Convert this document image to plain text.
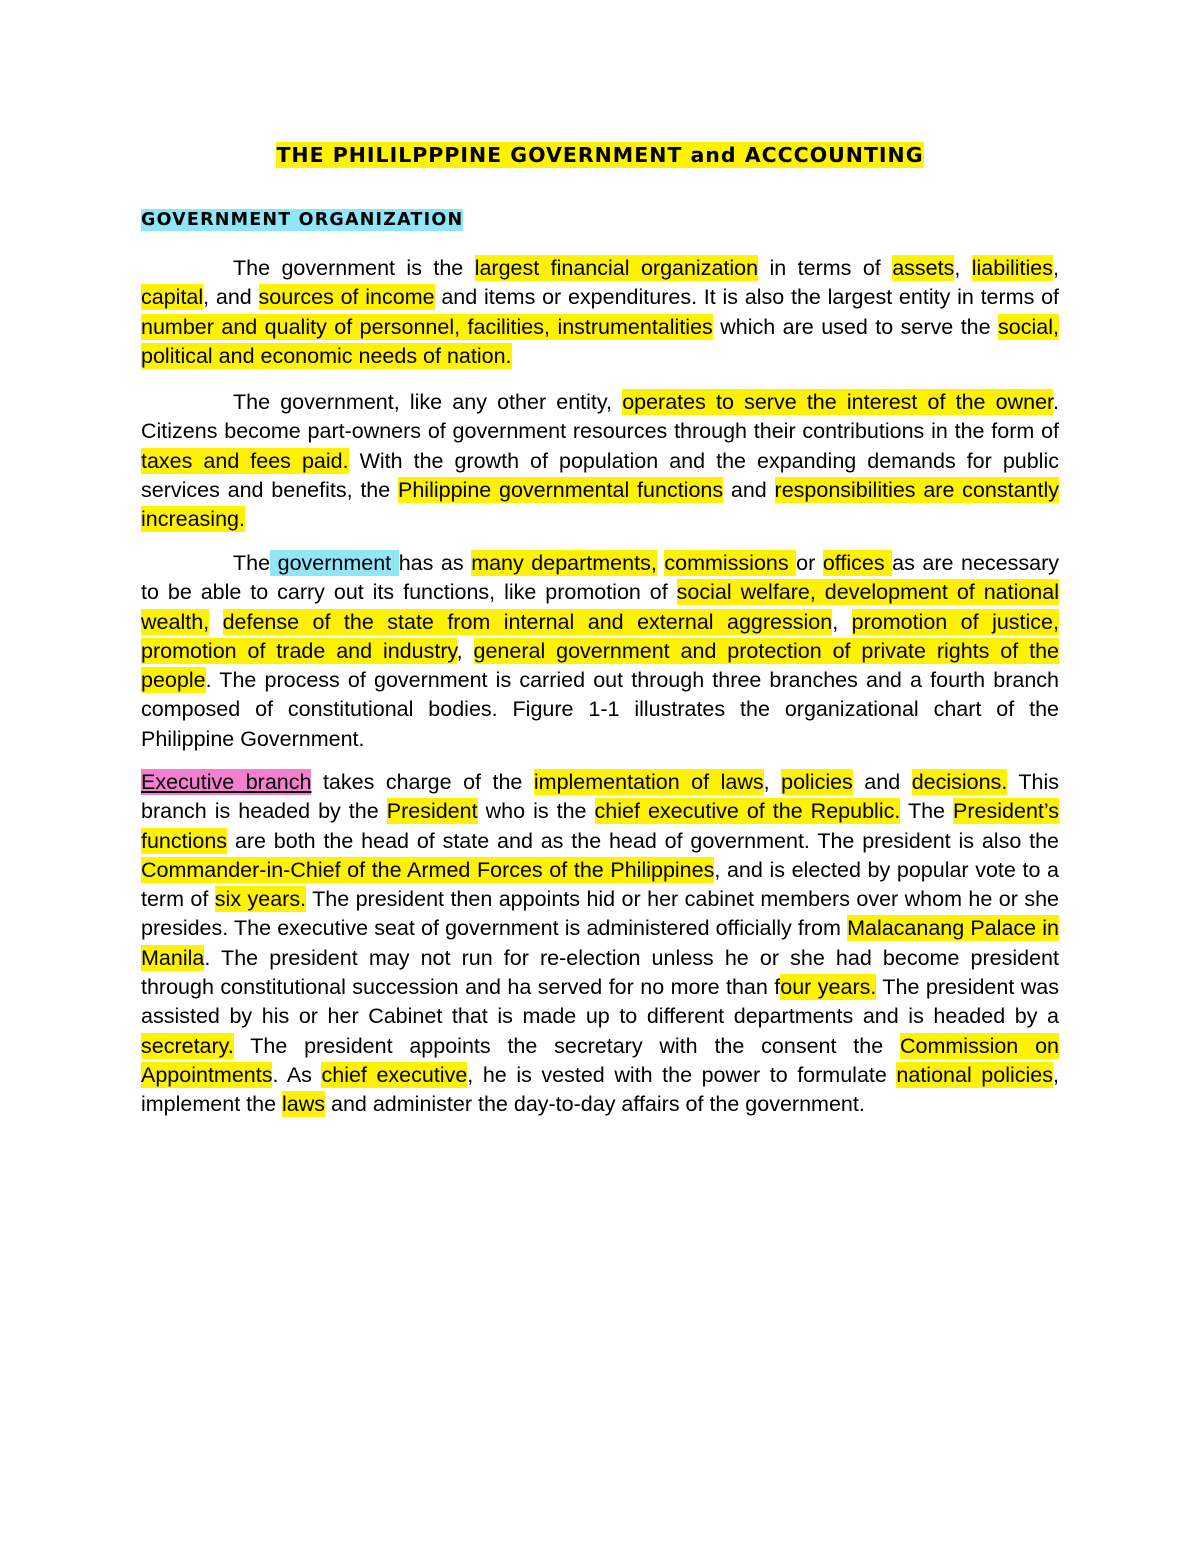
THE PHILILPPPINE GOVERNMENT and ACCCOUNTING
GOVERNMENT ORGANIZATION

The government is the largest financial organization in terms of assets, liabilities, capital, and sources of income and items or expenditures. It is also the largest entity in terms of number and quality of personnel, facilities, instrumentalities which are used to serve the social, political and economic needs of nation.

The government, like any other entity, operates to serve the interest of the owner. Citizens become part-owners of government resources through their contributions in the form of taxes and fees paid. With the growth of population and the expanding demands for public services and benefits, the Philippine governmental functions and responsibilities are constantly increasing.

The government has as many departments, commissions or offices as are necessary to be able to carry out its functions, like promotion of social welfare, development of national wealth, defense of the state from internal and external aggression, promotion of justice, promotion of trade and industry, general government and protection of private rights of the people. The process of government is carried out through three branches and a fourth branch composed of constitutional bodies. Figure 1-1 illustrates the organizational chart of the Philippine Government.

Executive branch takes charge of the implementation of laws, policies and decisions. This branch is headed by the President who is the chief executive of the Republic. The President’s functions are both the head of state and as the head of government. The president is also the Commander-in-Chief of the Armed Forces of the Philippines, and is elected by popular vote to a term of six years. The president then appoints hid or her cabinet members over whom he or she presides. The executive seat of government is administered officially from Malacanang Palace in Manila. The president may not run for re-election unless he or she had become president through constitutional succession and ha served for no more than four years. The president was assisted by his or her Cabinet that is made up to different departments and is headed by a secretary. The president appoints the secretary with the consent the Commission on Appointments. As chief executive, he is vested with the power to formulate national policies, implement the laws and administer the day-to-day affairs of the government.
